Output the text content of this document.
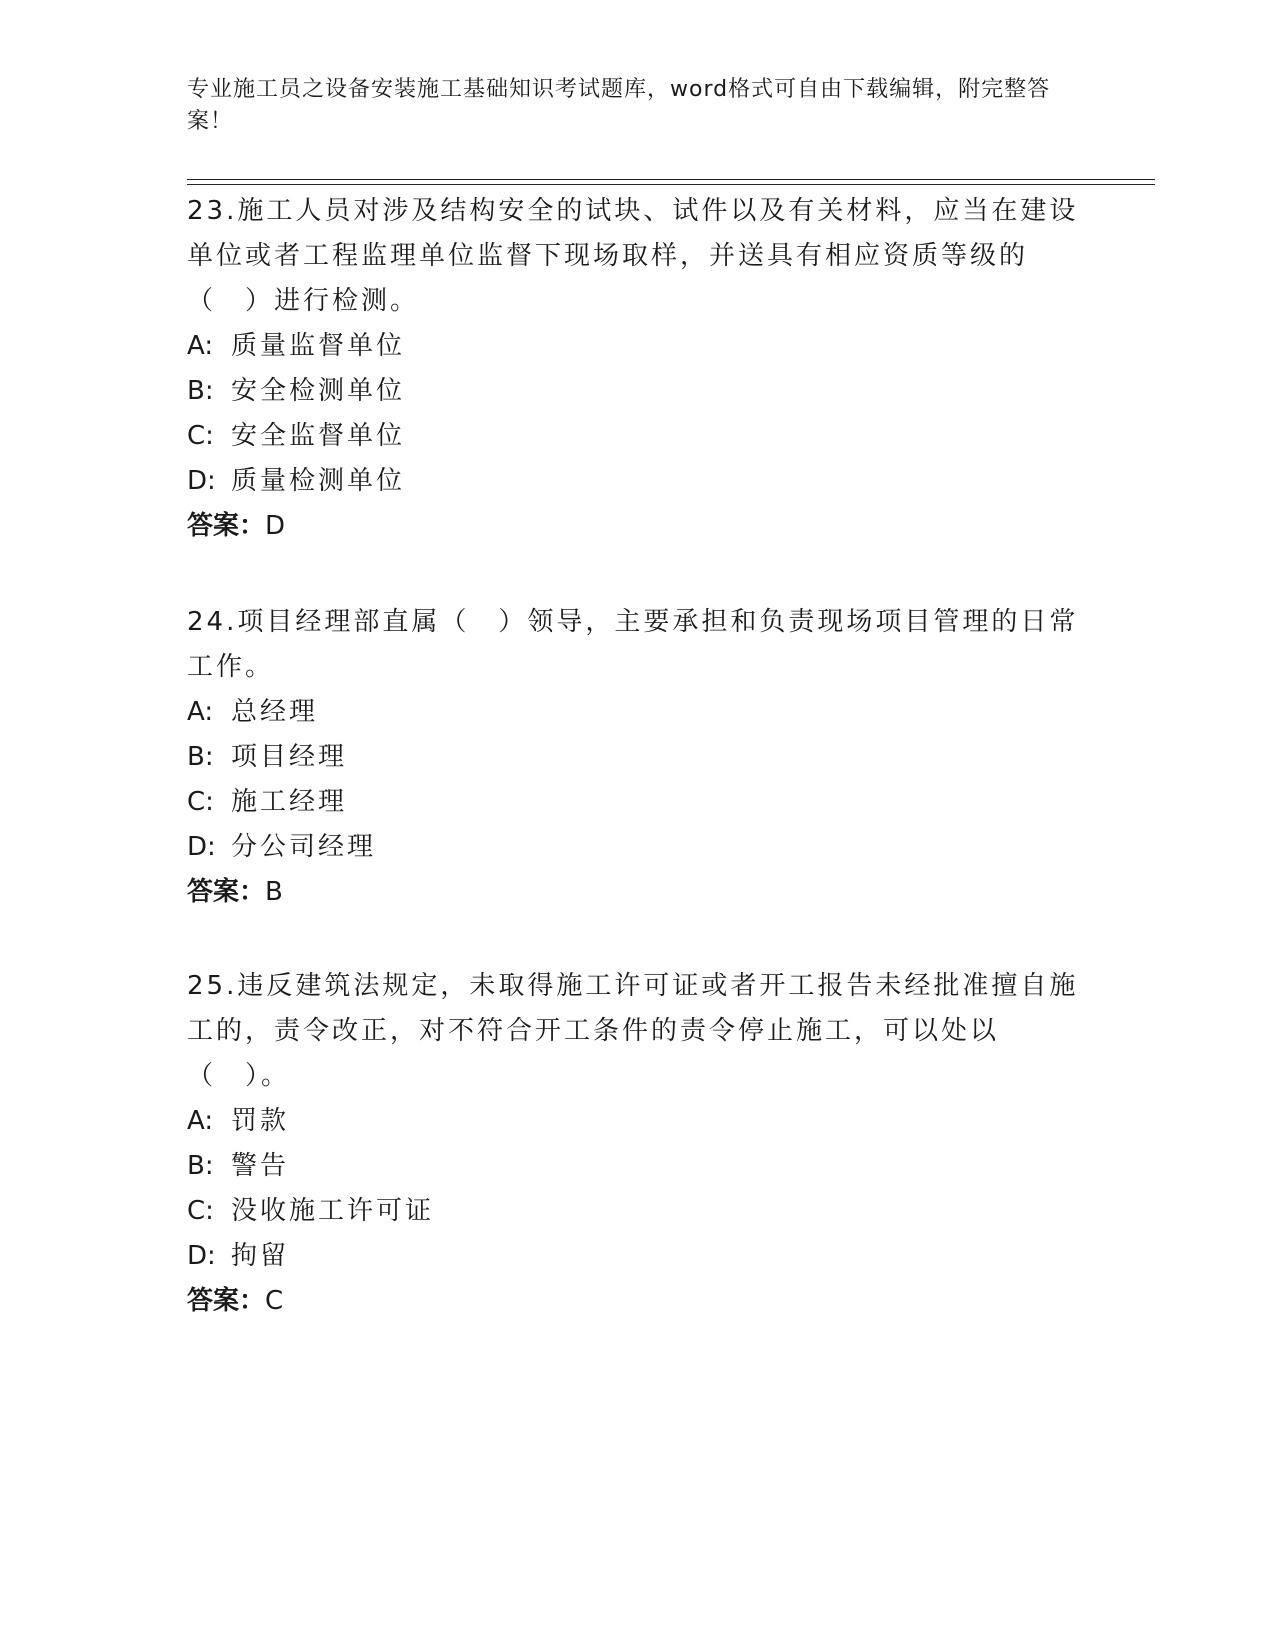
专业施工员之设备安装施工基础知识考试题库，word格式可自由下载编辑，附完整答案！
23.施工人员对涉及结构安全的试块、试件以及有关材料，应当在建设单位或者工程监理单位监督下现场取样，并送具有相应资质等级的（　）进行检测。
A: 质量监督单位
B: 安全检测单位
C: 安全监督单位
D: 质量检测单位
答案：D
24.项目经理部直属（　）领导，主要承担和负责现场项目管理的日常工作。
A: 总经理
B: 项目经理
C: 施工经理
D: 分公司经理
答案：B
25.违反建筑法规定，未取得施工许可证或者开工报告未经批准擅自施工的，责令改正，对不符合开工条件的责令停止施工，可以处以（　）。
A: 罚款
B: 警告
C: 没收施工许可证
D: 拘留
答案：C
